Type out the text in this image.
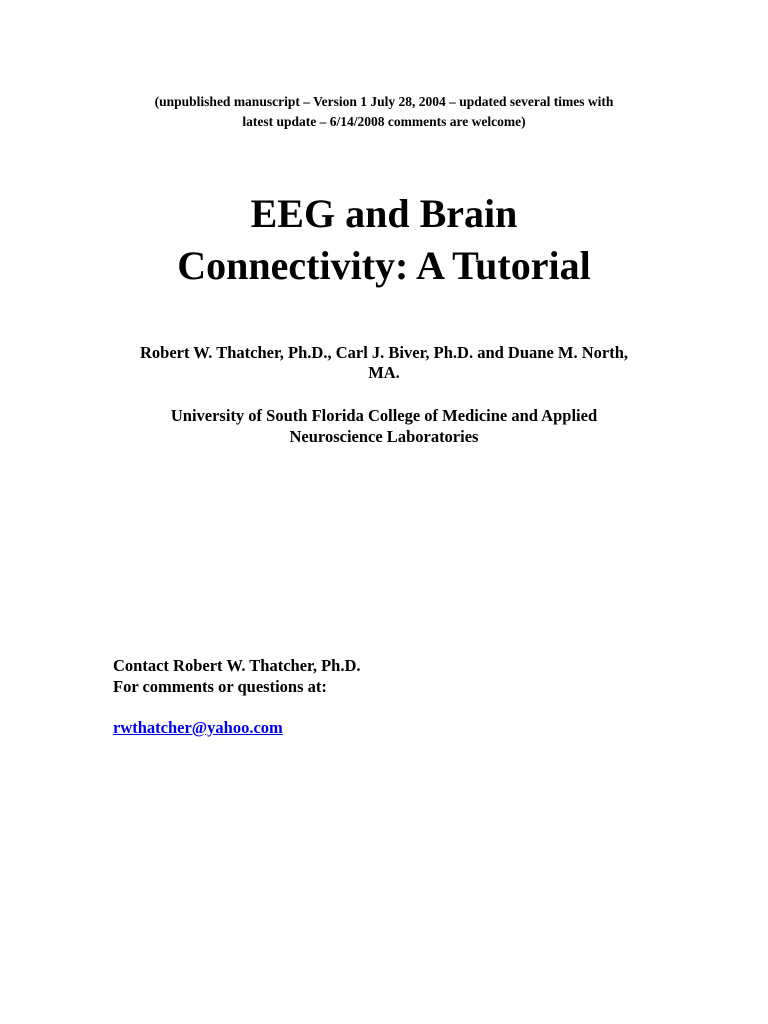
(unpublished manuscript – Version 1 July 28, 2004 – updated several times with
latest update – 6/14/2008 comments are welcome)
EEG and Brain
Connectivity: A Tutorial
Robert W. Thatcher, Ph.D., Carl J. Biver, Ph.D. and Duane M. North,
MA.
University of South Florida College of Medicine and Applied
Neuroscience Laboratories
Contact Robert W. Thatcher, Ph.D.
For comments or questions at:
rwthatcher@yahoo.com
